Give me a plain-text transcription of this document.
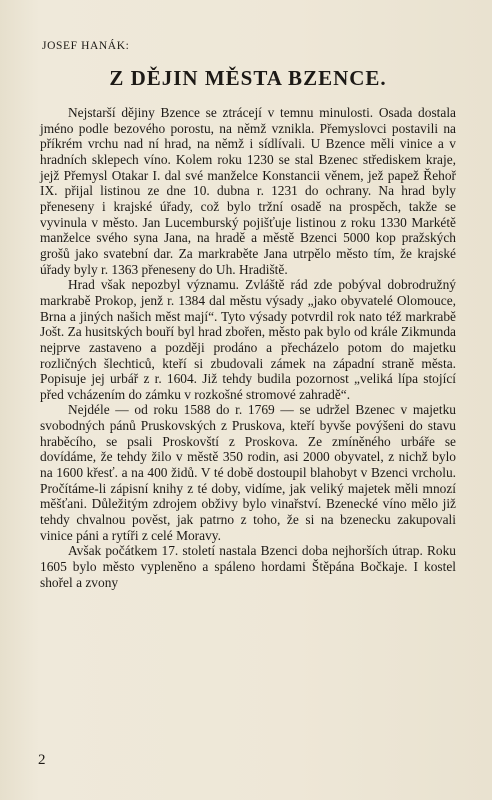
JOSEF HANÁK:
Z DĚJIN MĚSTA BZENCE.

Nejstarší dějiny Bzence se ztrácejí v temnu minulosti. Osada dostala jméno podle bezového porostu, na němž vznikla. Přemyslovci postavili na příkrém vrchu nad ní hrad, na němž i sídlívali. U Bzence měli vinice a v hradních sklepech víno. Kolem roku 1230 se stal Bzenec střediskem kraje, jejž Přemysl Otakar I. dal své manželce Konstancii věnem, jež papež Řehoř IX. přijal listinou ze dne 10. dubna r. 1231 do ochrany. Na hrad byly přeneseny i krajské úřady, což bylo tržní osadě na prospěch, takže se vyvinula v město. Jan Lucemburský pojišťuje listinou z roku 1330 Markétě manželce svého syna Jana, na hradě a městě Bzenci 5000 kop pražských grošů jako svatební dar. Za markraběte Jana utrpělo město tím, že krajské úřady byly r. 1363 přeneseny do Uh. Hradiště.

Hrad však nepozbyl významu. Zvláště rád zde pobýval dobrodružný markrabě Prokop, jenž r. 1384 dal městu výsady „jako obyvatelé Olomouce, Brna a jiných našich měst mají“. Tyto výsady potvrdil rok nato též markrabě Jošt. Za husitských bouří byl hrad zbořen, město pak bylo od krále Zikmunda nejprve zastaveno a později prodáno a přecházelo potom do majetku rozličných šlechticů, kteří si zbudovali zámek na západní straně města. Popisuje jej urbář z r. 1604. Již tehdy budila pozornost „veliká lípa stojící před vcházením do zámku v rozkošné stromové zahradě“.

Nejdéle — od roku 1588 do r. 1769 — se udržel Bzenec v majetku svobodných pánů Pruskovských z Pruskova, kteří byvše povýšeni do stavu hraběcího, se psali Proskovští z Proskova. Ze zmíněného urbáře se dovídáme, že tehdy žilo v městě 350 rodin, asi 2000 obyvatel, z nichž bylo na 1600 křesť. a na 400 židů. V té době dostoupil blahobyt v Bzenci vrcholu. Pročítáme-li zápisní knihy z té doby, vidíme, jak veliký majetek měli mnozí měšťani. Důležitým zdrojem obživy bylo vinařství. Bzenecké víno mělo již tehdy chvalnou pověst, jak patrno z toho, že si na bzenecku zakupovali vinice páni a rytíři z celé Moravy.

Avšak počátkem 17. století nastala Bzenci doba nejhorších útrap. Roku 1605 bylo město vypleněno a spáleno hordami Štěpána Bočkaje. I kostel shořel a zvony

2
